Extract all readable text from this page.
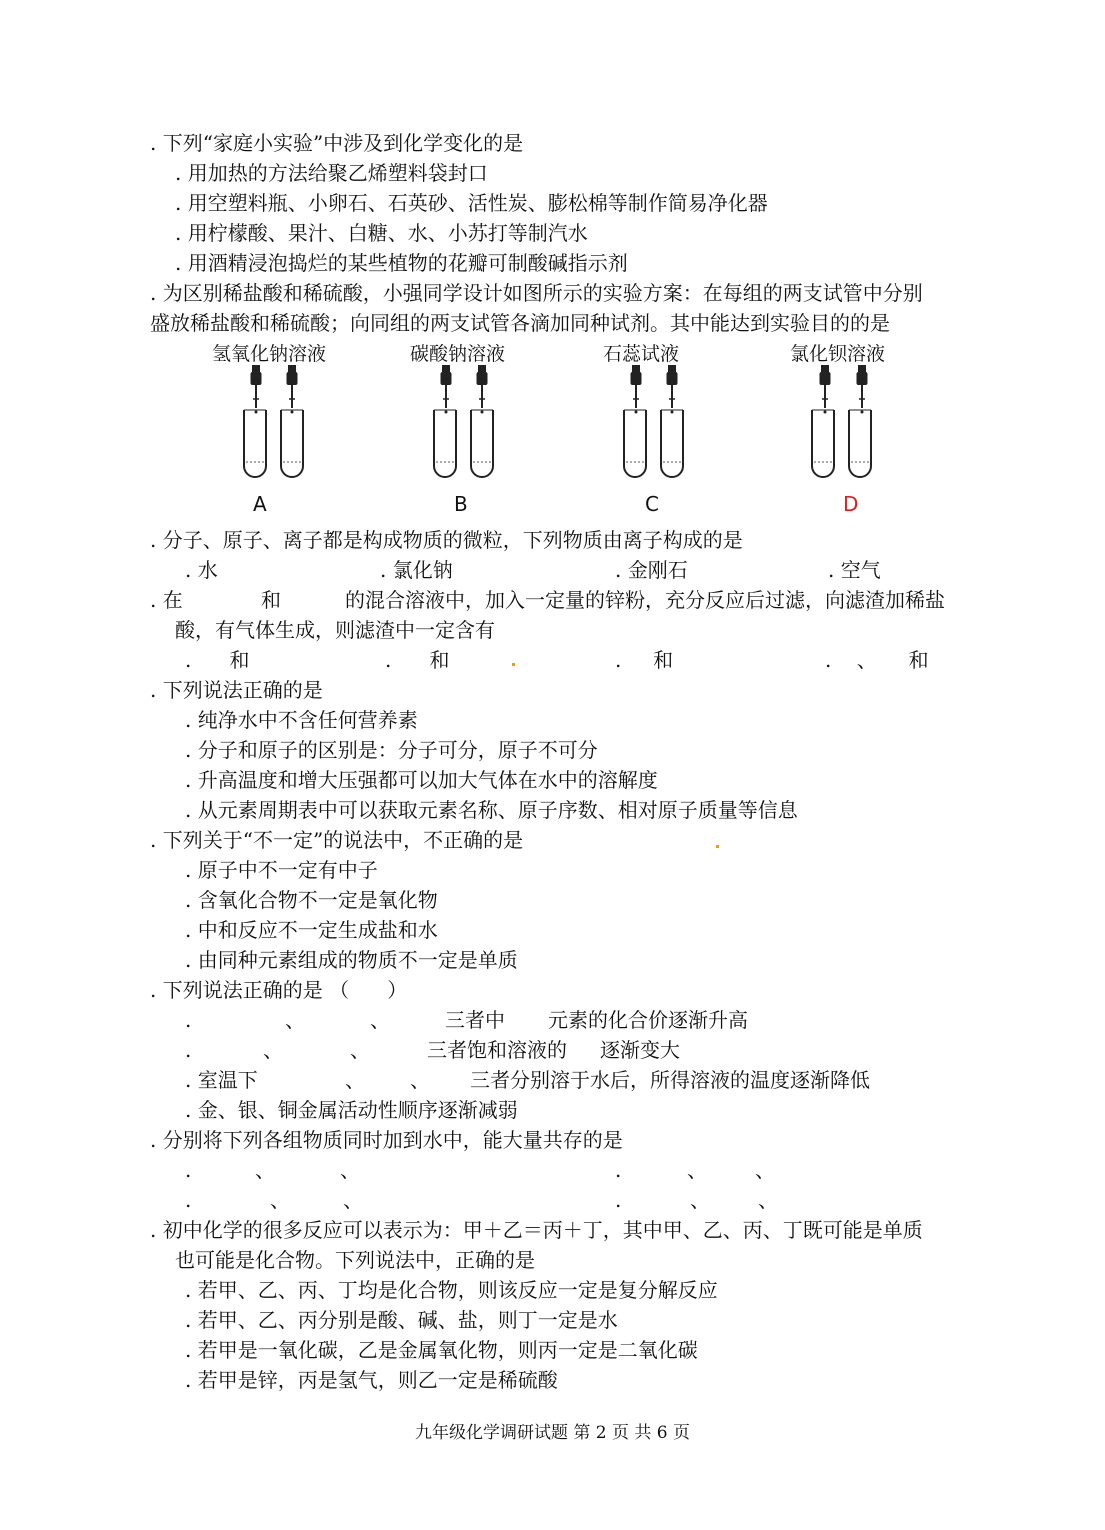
. 下列“家庭小实验”中涉及到化学变化的是
. 用加热的方法给聚乙烯塑料袋封口
. 用空塑料瓶、小卵石、石英砂、活性炭、膨松棉等制作简易净化器
. 用柠檬酸、果汁、白糖、水、小苏打等制汽水
. 用酒精浸泡捣烂的某些植物的花瓣可制酸碱指示剂
. 为区别稀盐酸和稀硫酸，小强同学设计如图所示的实验方案：在每组的两支试管中分别
盛放稀盐酸和稀硫酸；向同组的两支试管各滴加同种试剂。其中能达到实验目的的是
氢氧化钠溶液	碳酸钠溶液	石蕊试液	氯化钡溶液
A	B	C	D
. 分子、原子、离子都是构成物质的微粒，下列物质由离子构成的是
. 水	. 氯化钠	. 金刚石	. 空气
. 在	和	的混合溶液中，加入一定量的锌粉，充分反应后过滤，向滤渣加稀盐
酸，有气体生成，则滤渣中一定含有
. 和	. 和	. 和	. 、 和
. 下列说法正确的是
. 纯净水中不含任何营养素
. 分子和原子的区别是：分子可分，原子不可分
. 升高温度和增大压强都可以加大气体在水中的溶解度
. 从元素周期表中可以获取元素名称、原子序数、相对原子质量等信息
. 下列关于“不一定”的说法中，不正确的是
. 原子中不一定有中子
. 含氧化合物不一定是氧化物
. 中和反应不一定生成盐和水
. 由同种元素组成的物质不一定是单质
. 下列说法正确的是 （      ）
.	、	、	三者中 元素的化合价逐渐升高
.	、	、	三者饱和溶液的 逐渐变大
. 室温下	、 、 三者分别溶于水后，所得溶液的温度逐渐降低
. 金、银、铜金属活动性顺序逐渐减弱
. 分别将下列各组物质同时加到水中，能大量共存的是
.	、	、	.	、 、
.	、	、	.	、 、
. 初中化学的很多反应可以表示为：甲＋乙＝丙＋丁，其中甲、乙、丙、丁既可能是单质
也可能是化合物。下列说法中，正确的是
. 若甲、乙、丙、丁均是化合物，则该反应一定是复分解反应
. 若甲、乙、丙分别是酸、碱、盐，则丁一定是水
. 若甲是一氧化碳，乙是金属氧化物，则丙一定是二氧化碳
. 若甲是锌，丙是氢气，则乙一定是稀硫酸
九年级化学调研试题 第 2 页 共 6 页
